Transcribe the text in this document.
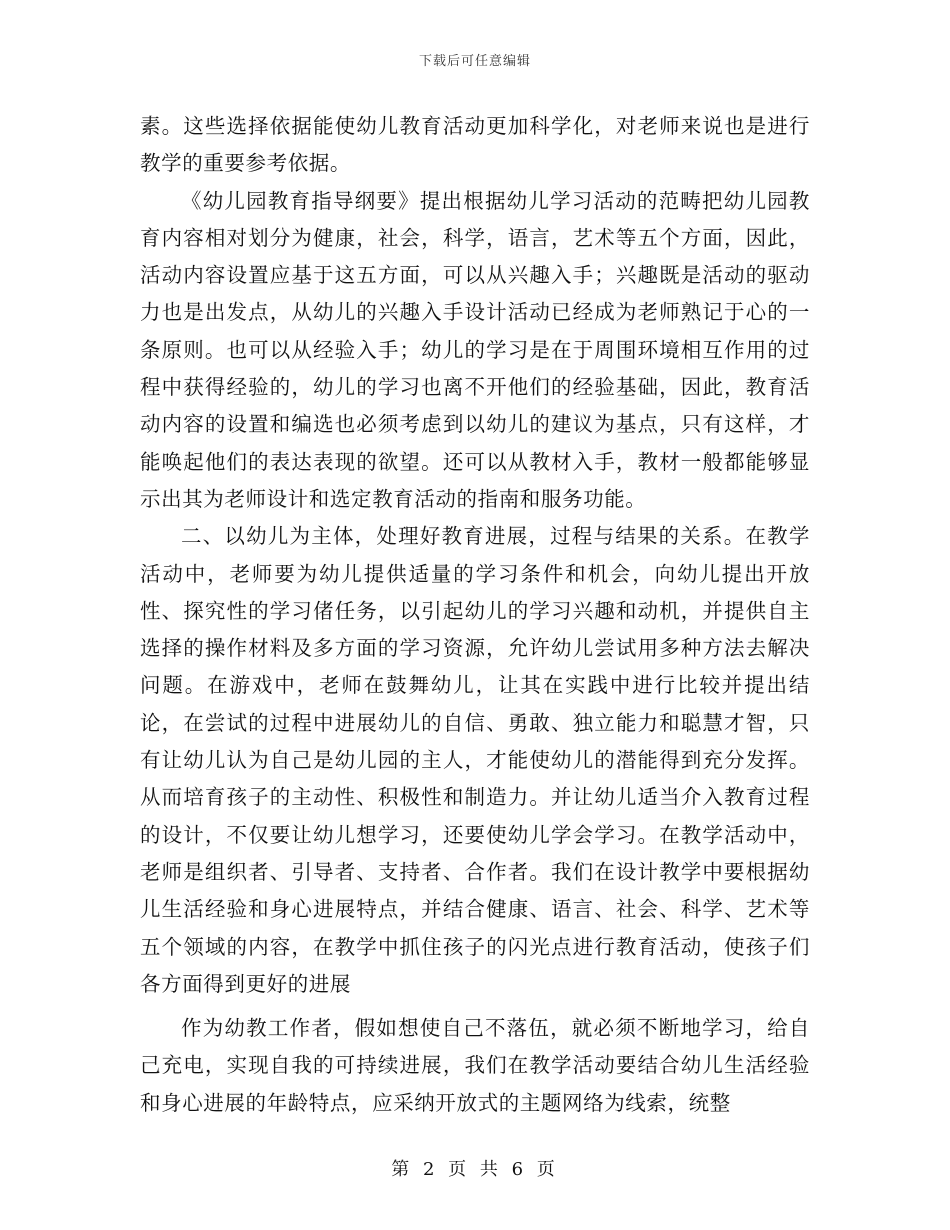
下载后可任意编辑

素。这些选择依据能使幼儿教育活动更加科学化，对老师来说也是进行教学的重要参考依据。

《幼儿园教育指导纲要》提出根据幼儿学习活动的范畴把幼儿园教育内容相对划分为健康，社会，科学，语言，艺术等五个方面，因此，活动内容设置应基于这五方面，可以从兴趣入手；兴趣既是活动的驱动力也是出发点，从幼儿的兴趣入手设计活动已经成为老师熟记于心的一条原则。也可以从经验入手；幼儿的学习是在于周围环境相互作用的过程中获得经验的，幼儿的学习也离不开他们的经验基础，因此，教育活动内容的设置和编选也必须考虑到以幼儿的建议为基点，只有这样，才能唤起他们的表达表现的欲望。还可以从教材入手，教材一般都能够显示出其为老师设计和选定教育活动的指南和服务功能。

二、以幼儿为主体，处理好教育进展，过程与结果的关系。在教学活动中，老师要为幼儿提供适量的学习条件和机会，向幼儿提出开放性、探究性的学习偖任务，以引起幼儿的学习兴趣和动机，并提供自主选择的操作材料及多方面的学习资源，允许幼儿尝试用多种方法去解决问题。在游戏中，老师在鼓舞幼儿，让其在实践中进行比较并提出结论，在尝试的过程中进展幼儿的自信、勇敢、独立能力和聪慧才智，只有让幼儿认为自己是幼儿园的主人，才能使幼儿的潜能得到充分发挥。从而培育孩子的主动性、积极性和制造力。并让幼儿适当介入教育过程的设计，不仅要让幼儿想学习，还要使幼儿学会学习。在教学活动中，老师是组织者、引导者、支持者、合作者。我们在设计教学中要根据幼儿生活经验和身心进展特点，并结合健康、语言、社会、科学、艺术等五个领域的内容，在教学中抓住孩子的闪光点进行教育活动，使孩子们各方面得到更好的进展

作为幼教工作者，假如想使自己不落伍，就必须不断地学习，给自己充电，实现自我的可持续进展，我们在教学活动要结合幼儿生活经验和身心进展的年龄特点，应采纳开放式的主题网络为线索，统整

第 2 页 共 6 页
